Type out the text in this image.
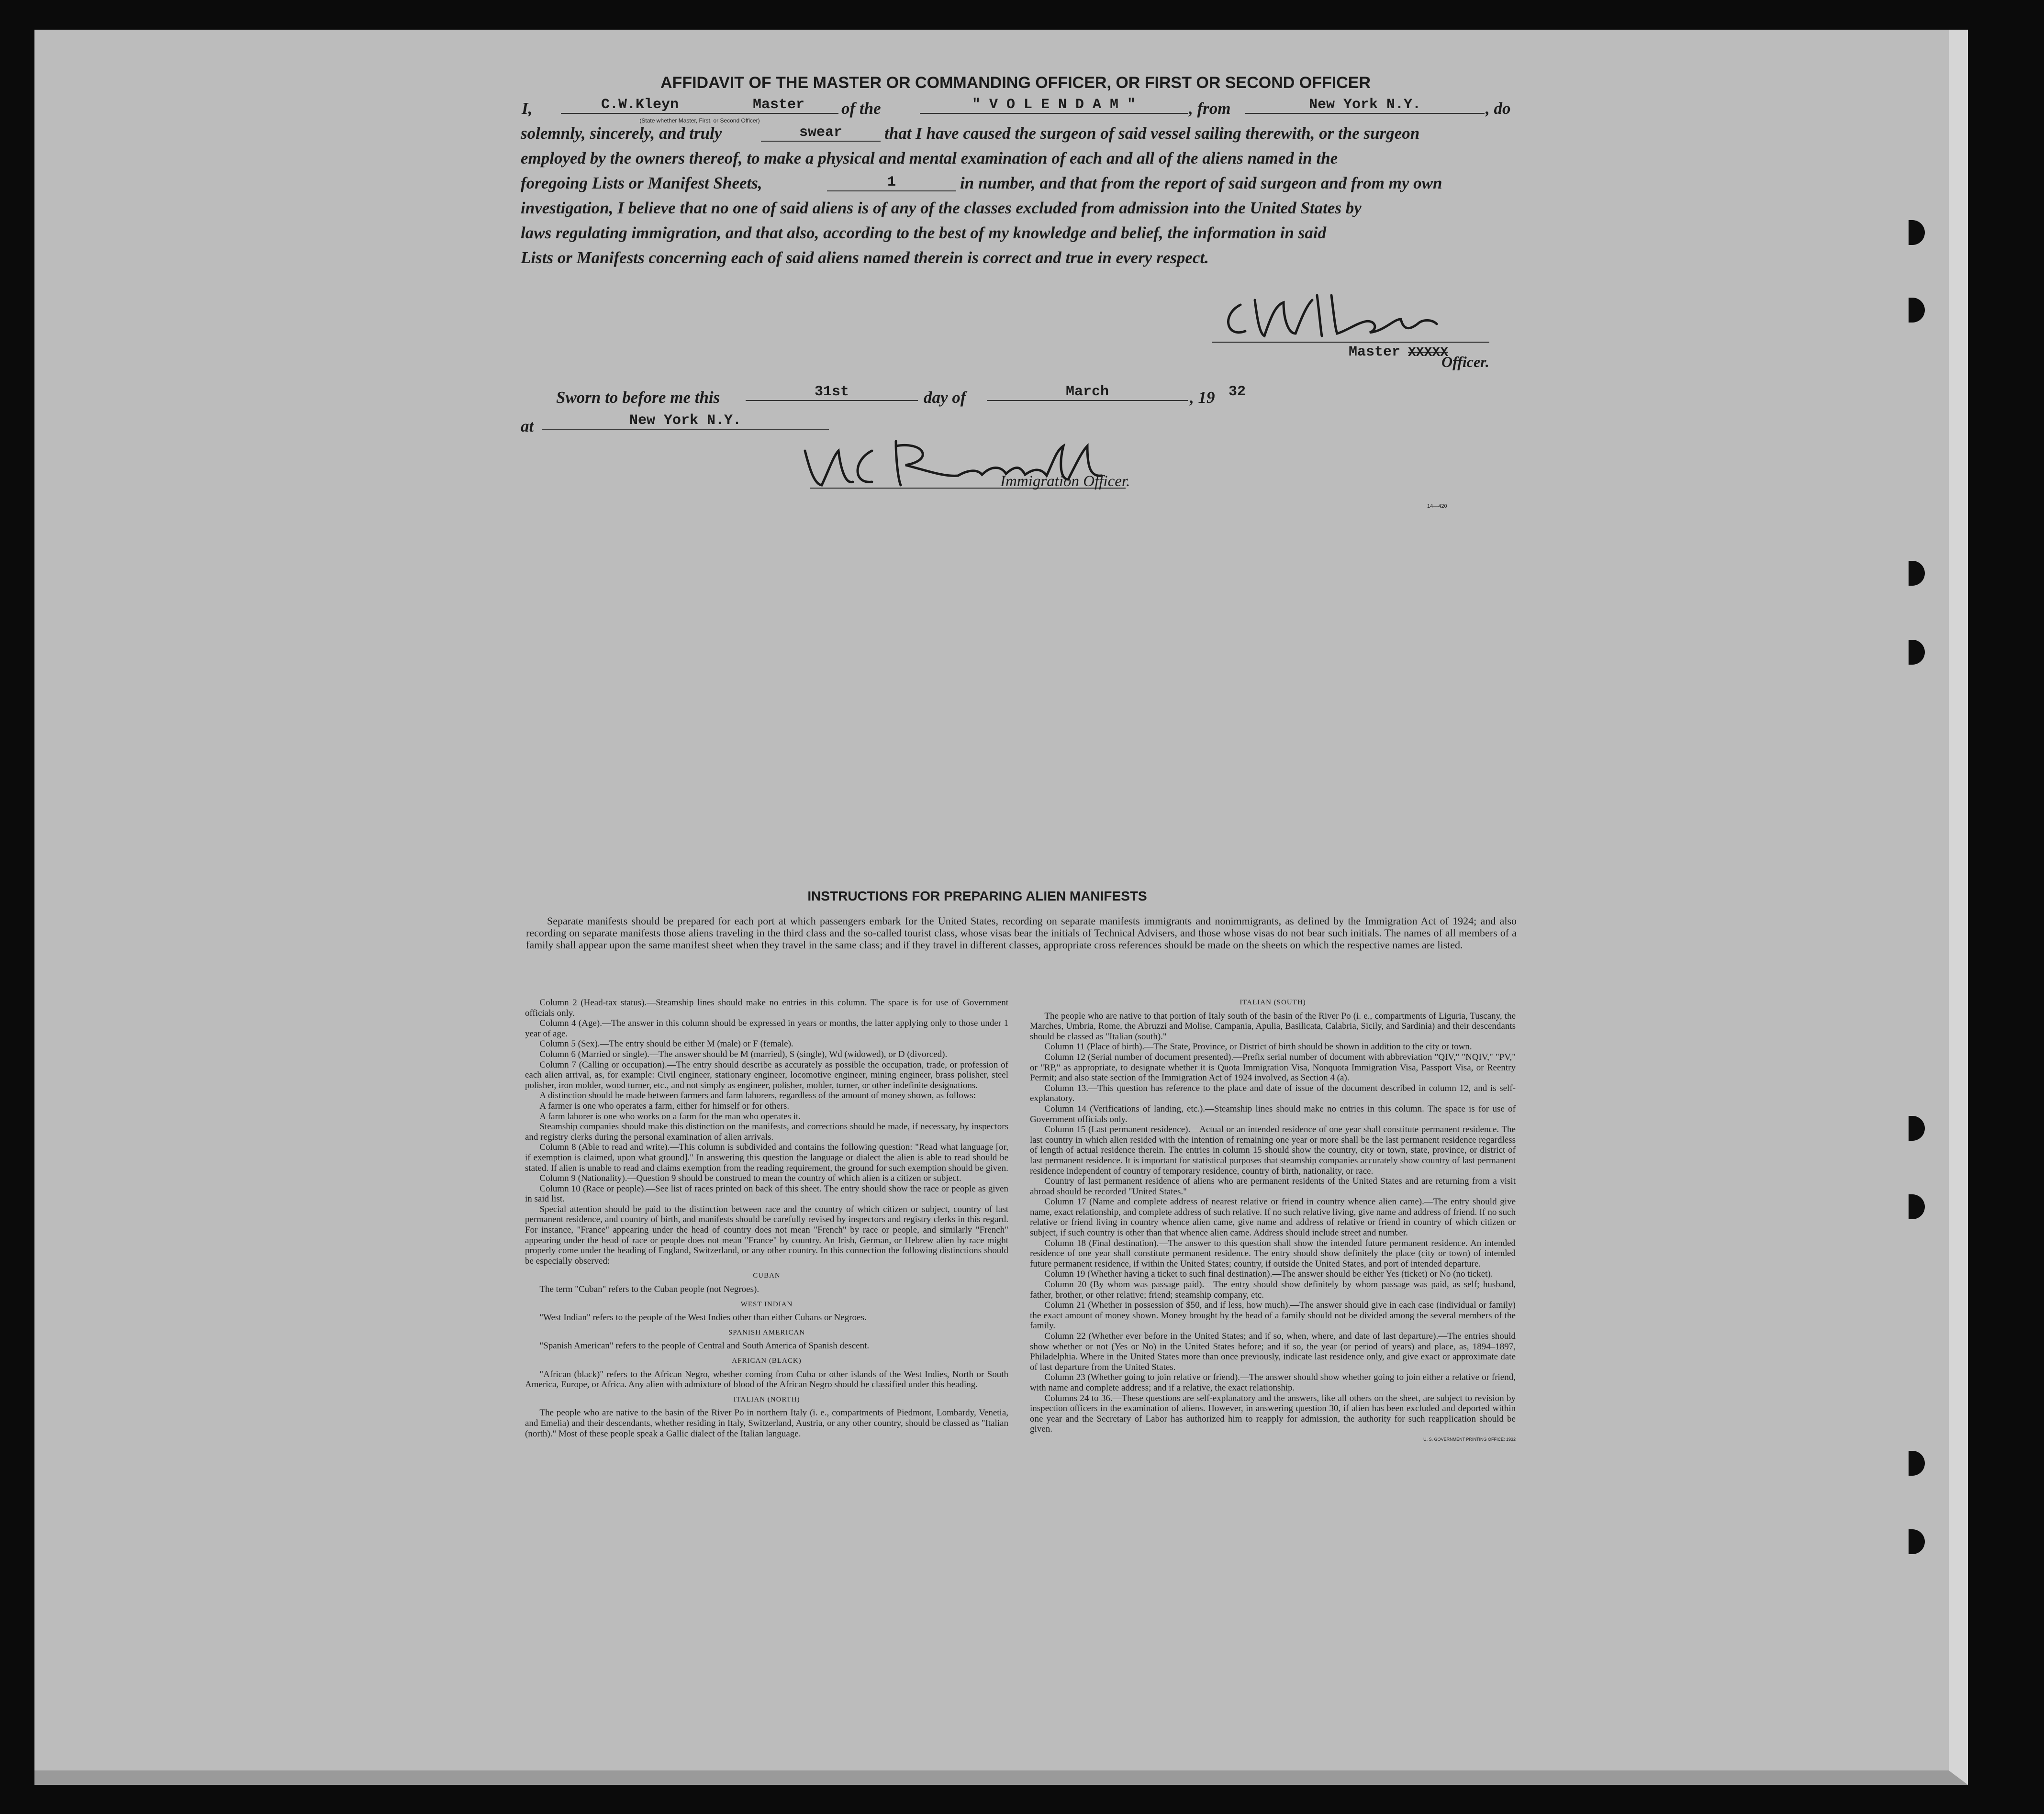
AFFIDAVIT OF THE MASTER OR COMMANDING OFFICER, OR FIRST OR SECOND OFFICER
I,	C.W.Kleyn	Master
(State whether Master, First, or Second Officer)
of the	" V O L E N D A M "	, from	New York N.Y.	, do
solemnly, sincerely, and truly	swear	that I have caused the surgeon of said vessel sailing therewith, or the surgeon
employed by the owners thereof, to make a physical and mental examination of each and all of the aliens named in the
foregoing Lists or Manifest Sheets,	1	in number, and that from the report of said surgeon and from my own
investigation, I believe that no one of said aliens is of any of the classes excluded from admission into the United States by
laws regulating immigration, and that also, according to the best of my knowledge and belief, the information in said
Lists or Manifests concerning each of said aliens named therein is correct and true in every respect.
Master XXXXX
Officer.
Sworn to before me this	31st	day of	March	, 19 32
at	New York N.Y.
Immigration Officer.
14—420
INSTRUCTIONS FOR PREPARING ALIEN MANIFESTS
Separate manifests should be prepared for each port at which passengers embark for the United States, recording on separate manifests immigrants and nonimmigrants, as defined by the Immigration Act of 1924; and also recording on separate manifests those aliens traveling in the third class and the so-called tourist class, whose visas bear the initials of Technical Advisers, and those whose visas do not bear such initials. The names of all members of a family shall appear upon the same manifest sheet when they travel in the same class; and if they travel in different classes, appropriate cross references should be made on the sheets on which the respective names are listed.

Column 2 (Head-tax status).—Steamship lines should make no entries in this column. The space is for use of Government officials only.

Column 4 (Age).—The answer in this column should be expressed in years or months, the latter applying only to those under 1 year of age.

Column 5 (Sex).—The entry should be either M (male) or F (female).

Column 6 (Married or single).—The answer should be M (married), S (single), Wd (widowed), or D (divorced).

Column 7 (Calling or occupation).—The entry should describe as accurately as possible the occupation, trade, or profession of each alien arrival, as, for example: Civil engineer, stationary engineer, locomotive engineer, mining engineer, brass polisher, steel polisher, iron molder, wood turner, etc., and not simply as engineer, polisher, molder, turner, or other indefinite designations.

A distinction should be made between farmers and farm laborers, regardless of the amount of money shown, as follows:

A farmer is one who operates a farm, either for himself or for others.

A farm laborer is one who works on a farm for the man who operates it.

Steamship companies should make this distinction on the manifests, and corrections should be made, if necessary, by inspectors and registry clerks during the personal examination of alien arrivals.

Column 8 (Able to read and write).—This column is subdivided and contains the following question: "Read what language [or, if exemption is claimed, upon what ground]." In answering this question the language or dialect the alien is able to read should be stated. If alien is unable to read and claims exemption from the reading requirement, the ground for such exemption should be given.

Column 9 (Nationality).—Question 9 should be construed to mean the country of which alien is a citizen or subject.

Column 10 (Race or people).—See list of races printed on back of this sheet. The entry should show the race or people as given in said list.

Special attention should be paid to the distinction between race and the country of which citizen or subject, country of last permanent residence, and country of birth, and manifests should be carefully revised by inspectors and registry clerks in this regard. For instance, "France" appearing under the head of country does not mean "French" by race or people, and similarly "French" appearing under the head of race or people does not mean "France" by country. An Irish, German, or Hebrew alien by race might properly come under the heading of England, Switzerland, or any other country. In this connection the following distinctions should be especially observed:

CUBAN

The term "Cuban" refers to the Cuban people (not Negroes).

WEST INDIAN

"West Indian" refers to the people of the West Indies other than either Cubans or Negroes.

SPANISH AMERICAN

"Spanish American" refers to the people of Central and South America of Spanish descent.

AFRICAN (BLACK)

"African (black)" refers to the African Negro, whether coming from Cuba or other islands of the West Indies, North or South America, Europe, or Africa. Any alien with admixture of blood of the African Negro should be classified under this heading.

ITALIAN (NORTH)

The people who are native to the basin of the River Po in northern Italy (i. e., compartments of Piedmont, Lombardy, Venetia, and Emelia) and their descendants, whether residing in Italy, Switzerland, Austria, or any other country, should be classed as "Italian (north)." Most of these people speak a Gallic dialect of the Italian language.

ITALIAN (SOUTH)

The people who are native to that portion of Italy south of the basin of the River Po (i. e., compartments of Liguria, Tuscany, the Marches, Umbria, Rome, the Abruzzi and Molise, Campania, Apulia, Basilicata, Calabria, Sicily, and Sardinia) and their descendants should be classed as "Italian (south)."

Column 11 (Place of birth).—The State, Province, or District of birth should be shown in addition to the city or town.

Column 12 (Serial number of document presented).—Prefix serial number of document with abbreviation "QIV," "NQIV," "PV," or "RP," as appropriate, to designate whether it is Quota Immigration Visa, Nonquota Immigration Visa, Passport Visa, or Reentry Permit; and also state section of the Immigration Act of 1924 involved, as Section 4 (a).

Column 13.—This question has reference to the place and date of issue of the document described in column 12, and is self-explanatory.

Column 14 (Verifications of landing, etc.).—Steamship lines should make no entries in this column. The space is for use of Government officials only.

Column 15 (Last permanent residence).—Actual or an intended residence of one year shall constitute permanent residence. The last country in which alien resided with the intention of remaining one year or more shall be the last permanent residence regardless of length of actual residence therein. The entries in column 15 should show the country, city or town, state, province, or district of last permanent residence. It is important for statistical purposes that steamship companies accurately show country of last permanent residence independent of country of temporary residence, country of birth, nationality, or race.

Country of last permanent residence of aliens who are permanent residents of the United States and are returning from a visit abroad should be recorded "United States."

Column 17 (Name and complete address of nearest relative or friend in country whence alien came).—The entry should give name, exact relationship, and complete address of such relative. If no such relative living, give name and address of friend. If no such relative or friend living in country whence alien came, give name and address of relative or friend in country of which citizen or subject, if such country is other than that whence alien came. Address should include street and number.

Column 18 (Final destination).—The answer to this question shall show the intended future permanent residence. An intended residence of one year shall constitute permanent residence. The entry should show definitely the place (city or town) of intended future permanent residence, if within the United States; country, if outside the United States, and port of intended departure.

Column 19 (Whether having a ticket to such final destination).—The answer should be either Yes (ticket) or No (no ticket).

Column 20 (By whom was passage paid).—The entry should show definitely by whom passage was paid, as self; husband, father, brother, or other relative; friend; steamship company, etc.

Column 21 (Whether in possession of $50, and if less, how much).—The answer should give in each case (individual or family) the exact amount of money shown. Money brought by the head of a family should not be divided among the several members of the family.

Column 22 (Whether ever before in the United States; and if so, when, where, and date of last departure).—The entries should show whether or not (Yes or No) in the United States before; and if so, the year (or period of years) and place, as, 1894–1897, Philadelphia. Where in the United States more than once previously, indicate last residence only, and give exact or approximate date of last departure from the United States.

Column 23 (Whether going to join relative or friend).—The answer should show whether going to join either a relative or friend, with name and complete address; and if a relative, the exact relationship.

Columns 24 to 36.—These questions are self-explanatory and the answers, like all others on the sheet, are subject to revision by inspection officers in the examination of aliens. However, in answering question 30, if alien has been excluded and deported within one year and the Secretary of Labor has authorized him to reapply for admission, the authority for such reapplication should be given.

U. S. GOVERNMENT PRINTING OFFICE: 1932
